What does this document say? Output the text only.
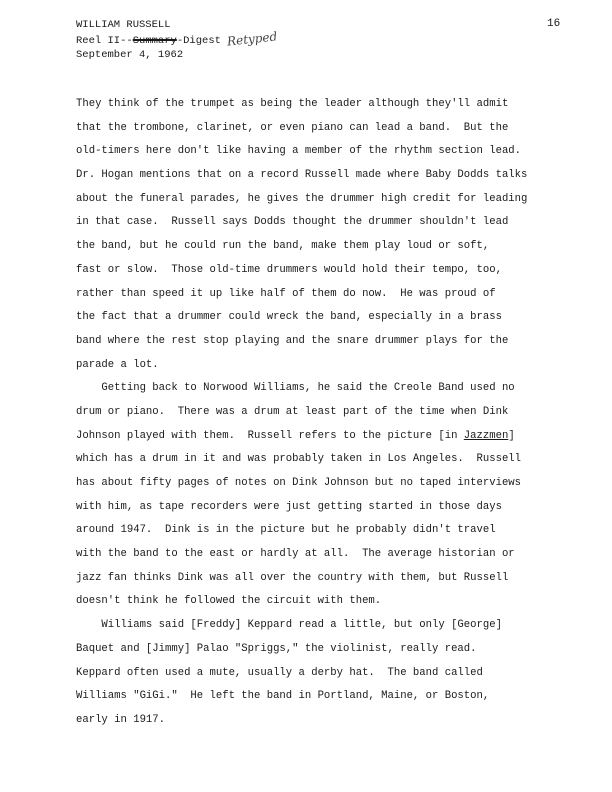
WILLIAM RUSSELL
Reel II--Summary-Digest Retyped
September 4, 1962
16
They think of the trumpet as being the leader although they'll admit
that the trombone, clarinet, or even piano can lead a band.  But the
old-timers here don't like having a member of the rhythm section lead.
Dr. Hogan mentions that on a record Russell made where Baby Dodds talks
about the funeral parades, he gives the drummer high credit for leading
in that case.  Russell says Dodds thought the drummer shouldn't lead
the band, but he could run the band, make them play loud or soft,
fast or slow.  Those old-time drummers would hold their tempo, too,
rather than speed it up like half of them do now.  He was proud of
the fact that a drummer could wreck the band, especially in a brass
band where the rest stop playing and the snare drummer plays for the
parade a lot.
Getting back to Norwood Williams, he said the Creole Band used no
drum or piano.  There was a drum at least part of the time when Dink
Johnson played with them.  Russell refers to the picture [in Jazzmen]
which has a drum in it and was probably taken in Los Angeles.  Russell
has about fifty pages of notes on Dink Johnson but no taped interviews
with him, as tape recorders were just getting started in those days
around 1947.  Dink is in the picture but he probably didn't travel
with the band to the east or hardly at all.  The average historian or
jazz fan thinks Dink was all over the country with them, but Russell
doesn't think he followed the circuit with them.
Williams said [Freddy] Keppard read a little, but only [George]
Baquet and [Jimmy] Palao "Spriggs," the violinist, really read.
Keppard often used a mute, usually a derby hat.  The band called
Williams "GiGi."  He left the band in Portland, Maine, or Boston,
early in 1917.
